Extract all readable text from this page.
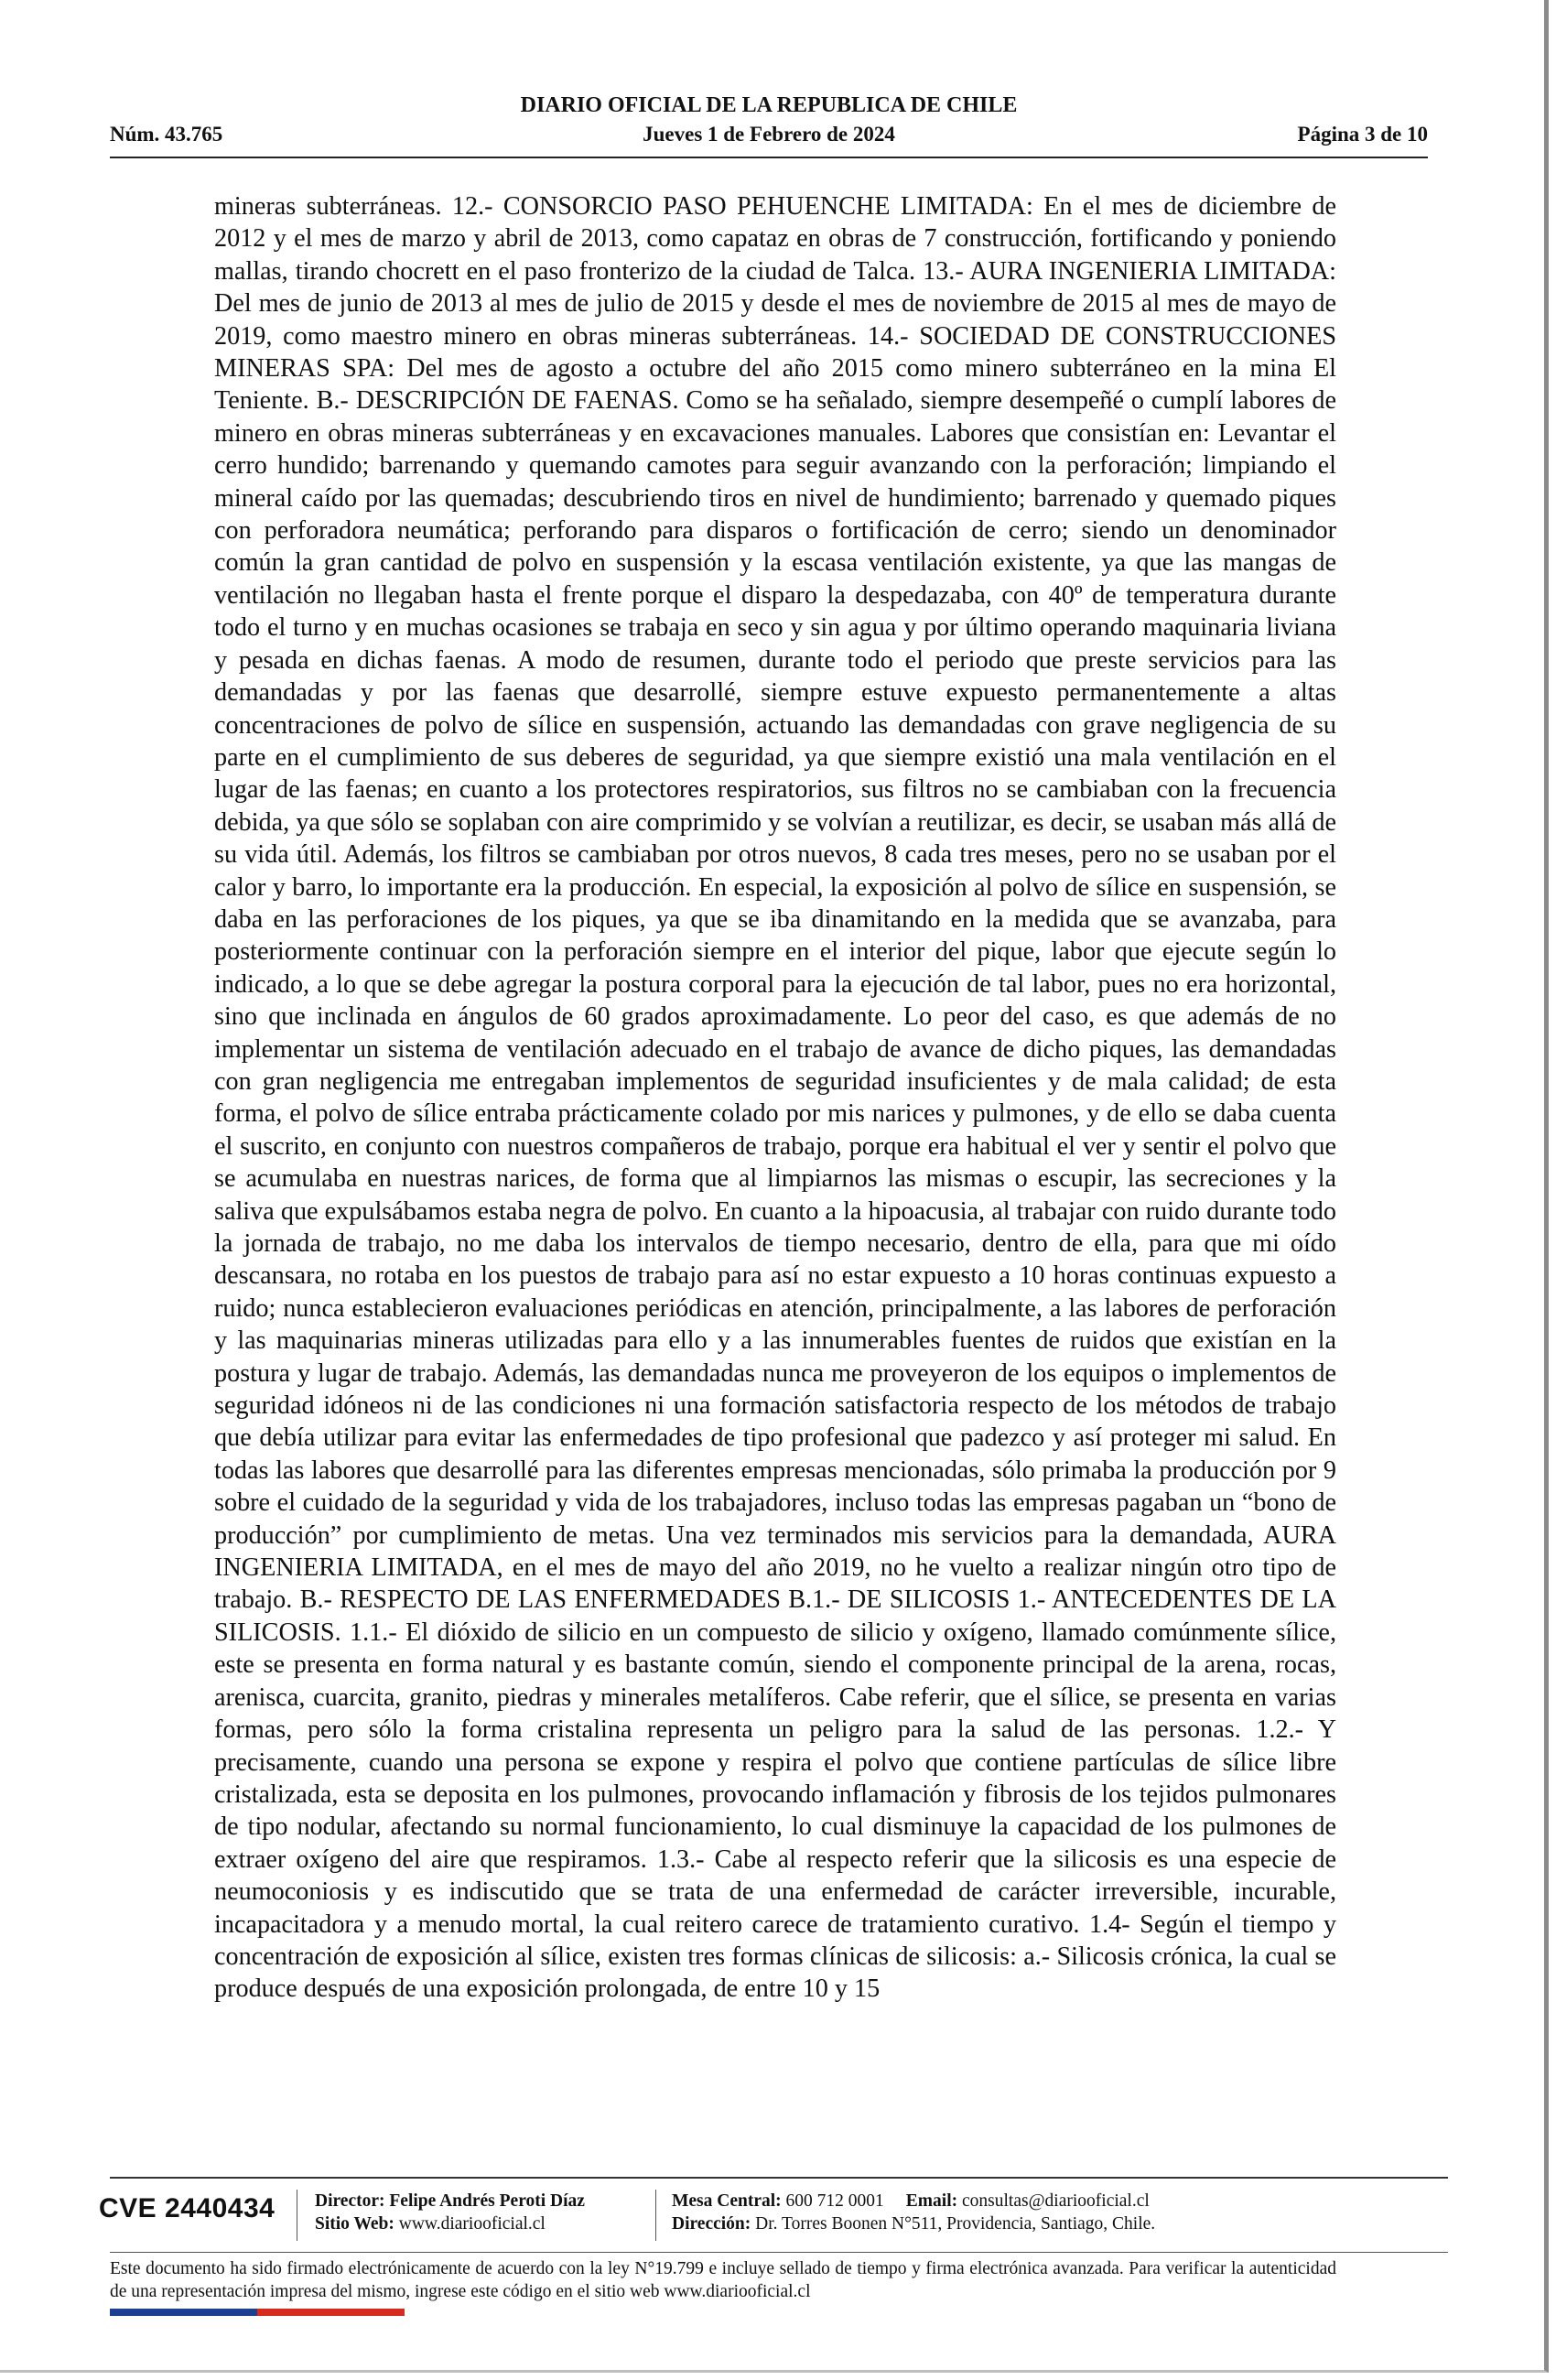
DIARIO OFICIAL DE LA REPUBLICA DE CHILE
Núm. 43.765	Jueves 1 de Febrero de 2024	Página 3 de 10

mineras subterráneas. 12.- CONSORCIO PASO PEHUENCHE LIMITADA: En el mes de diciembre de 2012 y el mes de marzo y abril de 2013, como capataz en obras de 7 construcción, fortificando y poniendo mallas, tirando chocrett en el paso fronterizo de la ciudad de Talca. 13.- AURA INGENIERIA LIMITADA: Del mes de junio de 2013 al mes de julio de 2015 y desde el mes de noviembre de 2015 al mes de mayo de 2019, como maestro minero en obras mineras subterráneas. 14.- SOCIEDAD DE CONSTRUCCIONES MINERAS SPA: Del mes de agosto a octubre del año 2015 como minero subterráneo en la mina El Teniente. B.- DESCRIPCIÓN DE FAENAS. Como se ha señalado, siempre desempeñé o cumplí labores de minero en obras mineras subterráneas y en excavaciones manuales. Labores que consistían en: Levantar el cerro hundido; barrenando y quemando camotes para seguir avanzando con la perforación; limpiando el mineral caído por las quemadas; descubriendo tiros en nivel de hundimiento; barrenado y quemado piques con perforadora neumática; perforando para disparos o fortificación de cerro; siendo un denominador común la gran cantidad de polvo en suspensión y la escasa ventilación existente, ya que las mangas de ventilación no llegaban hasta el frente porque el disparo la despedazaba, con 40º de temperatura durante todo el turno y en muchas ocasiones se trabaja en seco y sin agua y por último operando maquinaria liviana y pesada en dichas faenas. A modo de resumen, durante todo el periodo que preste servicios para las demandadas y por las faenas que desarrollé, siempre estuve expuesto permanentemente a altas concentraciones de polvo de sílice en suspensión, actuando las demandadas con grave negligencia de su parte en el cumplimiento de sus deberes de seguridad, ya que siempre existió una mala ventilación en el lugar de las faenas; en cuanto a los protectores respiratorios, sus filtros no se cambiaban con la frecuencia debida, ya que sólo se soplaban con aire comprimido y se volvían a reutilizar, es decir, se usaban más allá de su vida útil. Además, los filtros se cambiaban por otros nuevos, 8 cada tres meses, pero no se usaban por el calor y barro, lo importante era la producción. En especial, la exposición al polvo de sílice en suspensión, se daba en las perforaciones de los piques, ya que se iba dinamitando en la medida que se avanzaba, para posteriormente continuar con la perforación siempre en el interior del pique, labor que ejecute según lo indicado, a lo que se debe agregar la postura corporal para la ejecución de tal labor, pues no era horizontal, sino que inclinada en ángulos de 60 grados aproximadamente. Lo peor del caso, es que además de no implementar un sistema de ventilación adecuado en el trabajo de avance de dicho piques, las demandadas con gran negligencia me entregaban implementos de seguridad insuficientes y de mala calidad; de esta forma, el polvo de sílice entraba prácticamente colado por mis narices y pulmones, y de ello se daba cuenta el suscrito, en conjunto con nuestros compañeros de trabajo, porque era habitual el ver y sentir el polvo que se acumulaba en nuestras narices, de forma que al limpiarnos las mismas o escupir, las secreciones y la saliva que expulsábamos estaba negra de polvo. En cuanto a la hipoacusia, al trabajar con ruido durante todo la jornada de trabajo, no me daba los intervalos de tiempo necesario, dentro de ella, para que mi oído descansara, no rotaba en los puestos de trabajo para así no estar expuesto a 10 horas continuas expuesto a ruido; nunca establecieron evaluaciones periódicas en atención, principalmente, a las labores de perforación y las maquinarias mineras utilizadas para ello y a las innumerables fuentes de ruidos que existían en la postura y lugar de trabajo. Además, las demandadas nunca me proveyeron de los equipos o implementos de seguridad idóneos ni de las condiciones ni una formación satisfactoria respecto de los métodos de trabajo que debía utilizar para evitar las enfermedades de tipo profesional que padezco y así proteger mi salud. En todas las labores que desarrollé para las diferentes empresas mencionadas, sólo primaba la producción por 9 sobre el cuidado de la seguridad y vida de los trabajadores, incluso todas las empresas pagaban un “bono de producción” por cumplimiento de metas. Una vez terminados mis servicios para la demandada, AURA INGENIERIA LIMITADA, en el mes de mayo del año 2019, no he vuelto a realizar ningún otro tipo de trabajo. B.- RESPECTO DE LAS ENFERMEDADES B.1.- DE SILICOSIS 1.- ANTECEDENTES DE LA SILICOSIS. 1.1.- El dióxido de silicio en un compuesto de silicio y oxígeno, llamado comúnmente sílice, este se presenta en forma natural y es bastante común, siendo el componente principal de la arena, rocas, arenisca, cuarcita, granito, piedras y minerales metalíferos. Cabe referir, que el sílice, se presenta en varias formas, pero sólo la forma cristalina representa un peligro para la salud de las personas. 1.2.- Y precisamente, cuando una persona se expone y respira el polvo que contiene partículas de sílice libre cristalizada, esta se deposita en los pulmones, provocando inflamación y fibrosis de los tejidos pulmonares de tipo nodular, afectando su normal funcionamiento, lo cual disminuye la capacidad de los pulmones de extraer oxígeno del aire que respiramos. 1.3.- Cabe al respecto referir que la silicosis es una especie de neumoconiosis y es indiscutido que se trata de una enfermedad de carácter irreversible, incurable, incapacitadora y a menudo mortal, la cual reitero carece de tratamiento curativo. 1.4- Según el tiempo y concentración de exposición al sílice, existen tres formas clínicas de silicosis: a.- Silicosis crónica, la cual se produce después de una exposición prolongada, de entre 10 y 15

CVE 2440434 Director: Felipe Andrés Peroti Díaz
Sitio Web: www.diariooficial.cl
Mesa Central: 600 712 0001 Email: consultas@diariooficial.cl
Dirección: Dr. Torres Boonen N°511, Providencia, Santiago, Chile.
Este documento ha sido firmado electrónicamente de acuerdo con la ley N°19.799 e incluye sellado de tiempo y firma electrónica avanzada. Para verificar la autenticidad de una representación impresa del mismo, ingrese este código en el sitio web www.diariooficial.cl
